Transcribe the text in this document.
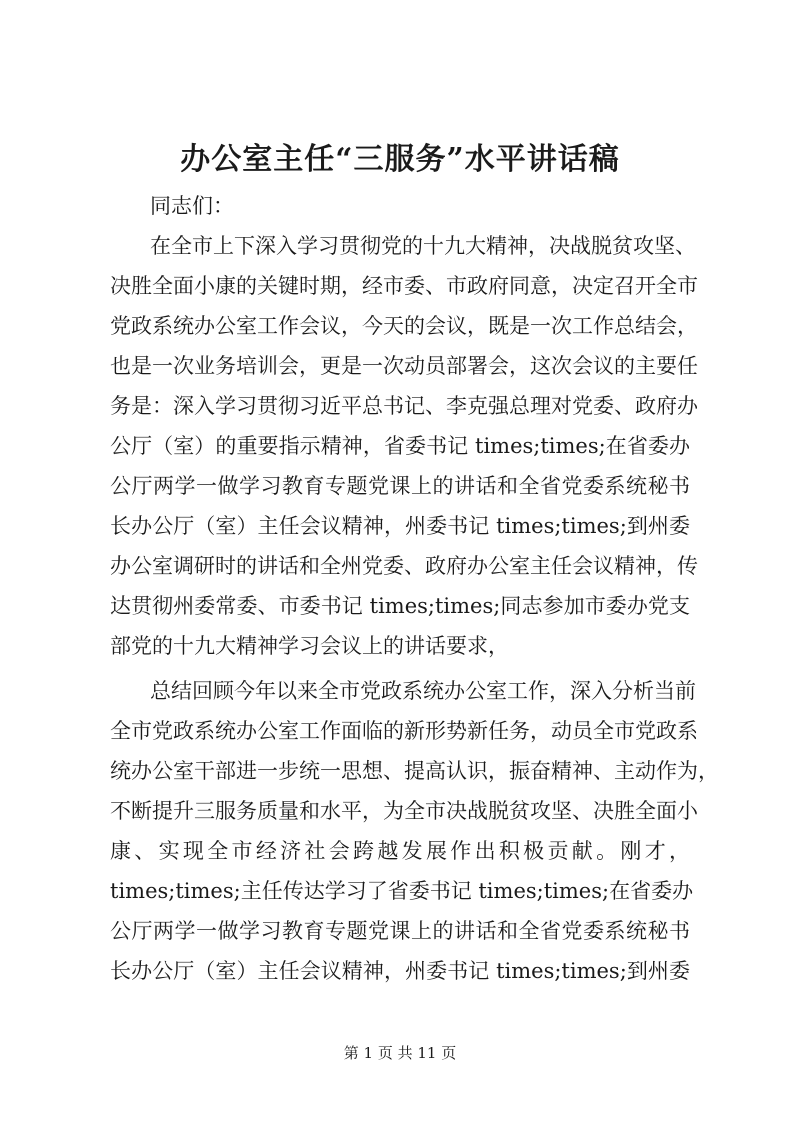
办公室主任“三服务”水平讲话稿

同志们：

在全市上下深入学习贯彻党的十九大精神，决战脱贫攻坚、

决胜全面小康的关键时期，经市委、市政府同意，决定召开全市

党政系统办公室工作会议，今天的会议，既是一次工作总结会，

也是一次业务培训会，更是一次动员部署会，这次会议的主要任

务是：深入学习贯彻习近平总书记、李克强总理对党委、政府办

公厅（室）的重要指示精神，省委书记 times;times;在省委办

公厅两学一做学习教育专题党课上的讲话和全省党委系统秘书

长办公厅（室）主任会议精神，州委书记 times;times;到州委

办公室调研时的讲话和全州党委、政府办公室主任会议精神，传

达贯彻州委常委、市委书记 times;times;同志参加市委办党支

部党的十九大精神学习会议上的讲话要求，

总结回顾今年以来全市党政系统办公室工作，深入分析当前

全市党政系统办公室工作面临的新形势新任务，动员全市党政系

统办公室干部进一步统一思想、提高认识，振奋精神、主动作为，

不断提升三服务质量和水平，为全市决战脱贫攻坚、决胜全面小

康、实现全市经济社会跨越发展作出积极贡献。刚才，

times;times;主任传达学习了省委书记 times;times;在省委办

公厅两学一做学习教育专题党课上的讲话和全省党委系统秘书

长办公厅（室）主任会议精神，州委书记 times;times;到州委

第 1 页 共 11 页
